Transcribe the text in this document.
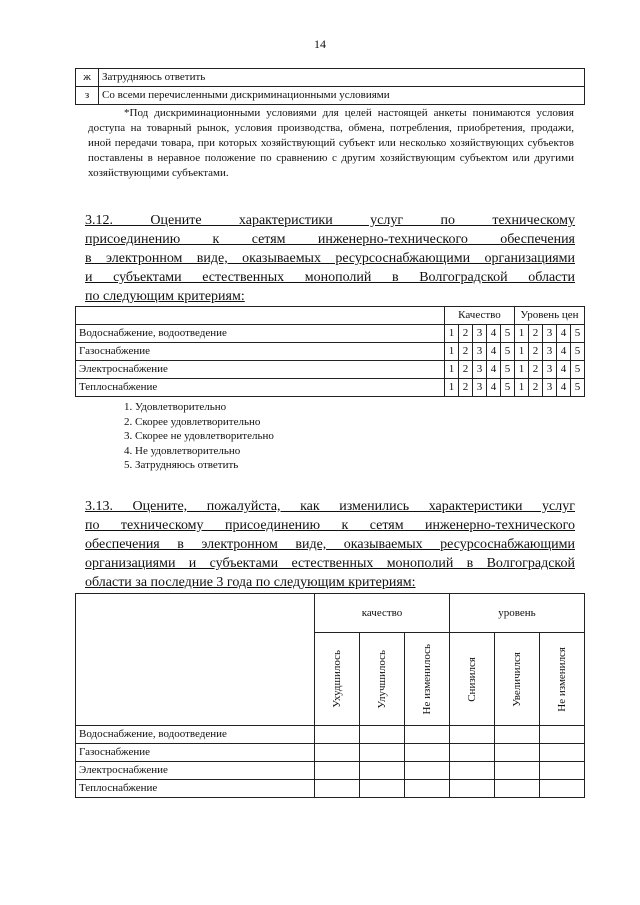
14
ж	Затрудняюсь ответить
з	Со всеми перечисленными дискриминационными условиями
*Под дискриминационными условиями для целей настоящей анкеты понимаются условия доступа на товарный рынок, условия производства, обмена, потребления, приобретения, продажи, иной передачи товара, при которых хозяйствующий субъект или несколько хозяйствующих субъектов поставлены в неравное положение по сравнению с другим хозяйствующим субъектом или другими хозяйствующими субъектами.
3.12. Оцените характеристики услуг по техническому
присоединению к сетям инженерно-технического обеспечения
в электронном виде, оказываемых ресурсоснабжающими организациями
и субъектами естественных монополий в Волгоградской области
по следующим критериям:
	Качество					Уровень цен				
Водоснабжение, водоотведение	1	2	3	4	5	1	2	3	4	5
Газоснабжение	1	2	3	4	5	1	2	3	4	5
Электроснабжение	1	2	3	4	5	1	2	3	4	5
Теплоснабжение	1	2	3	4	5	1	2	3	4	5
1. Удовлетворительно
2. Скорее удовлетворительно
3. Скорее не удовлетворительно
4. Не удовлетворительно
5. Затрудняюсь ответить
3.13. Оцените, пожалуйста, как изменились характеристики услуг
по техническому присоединению к сетям инженерно-технического
обеспечения в электронном виде, оказываемых ресурсоснабжающими
организациями и субъектами естественных монополий в Волгоградской
области за последние 3 года по следующим критериям:
	качество			уровень		

	Ухудшилось	Улучшилось	Не изменилось	Снизился	Увеличился	Не изменился

Водоснабжение, водоотведение						
Газоснабжение						
Электроснабжение						
Теплоснабжение						
